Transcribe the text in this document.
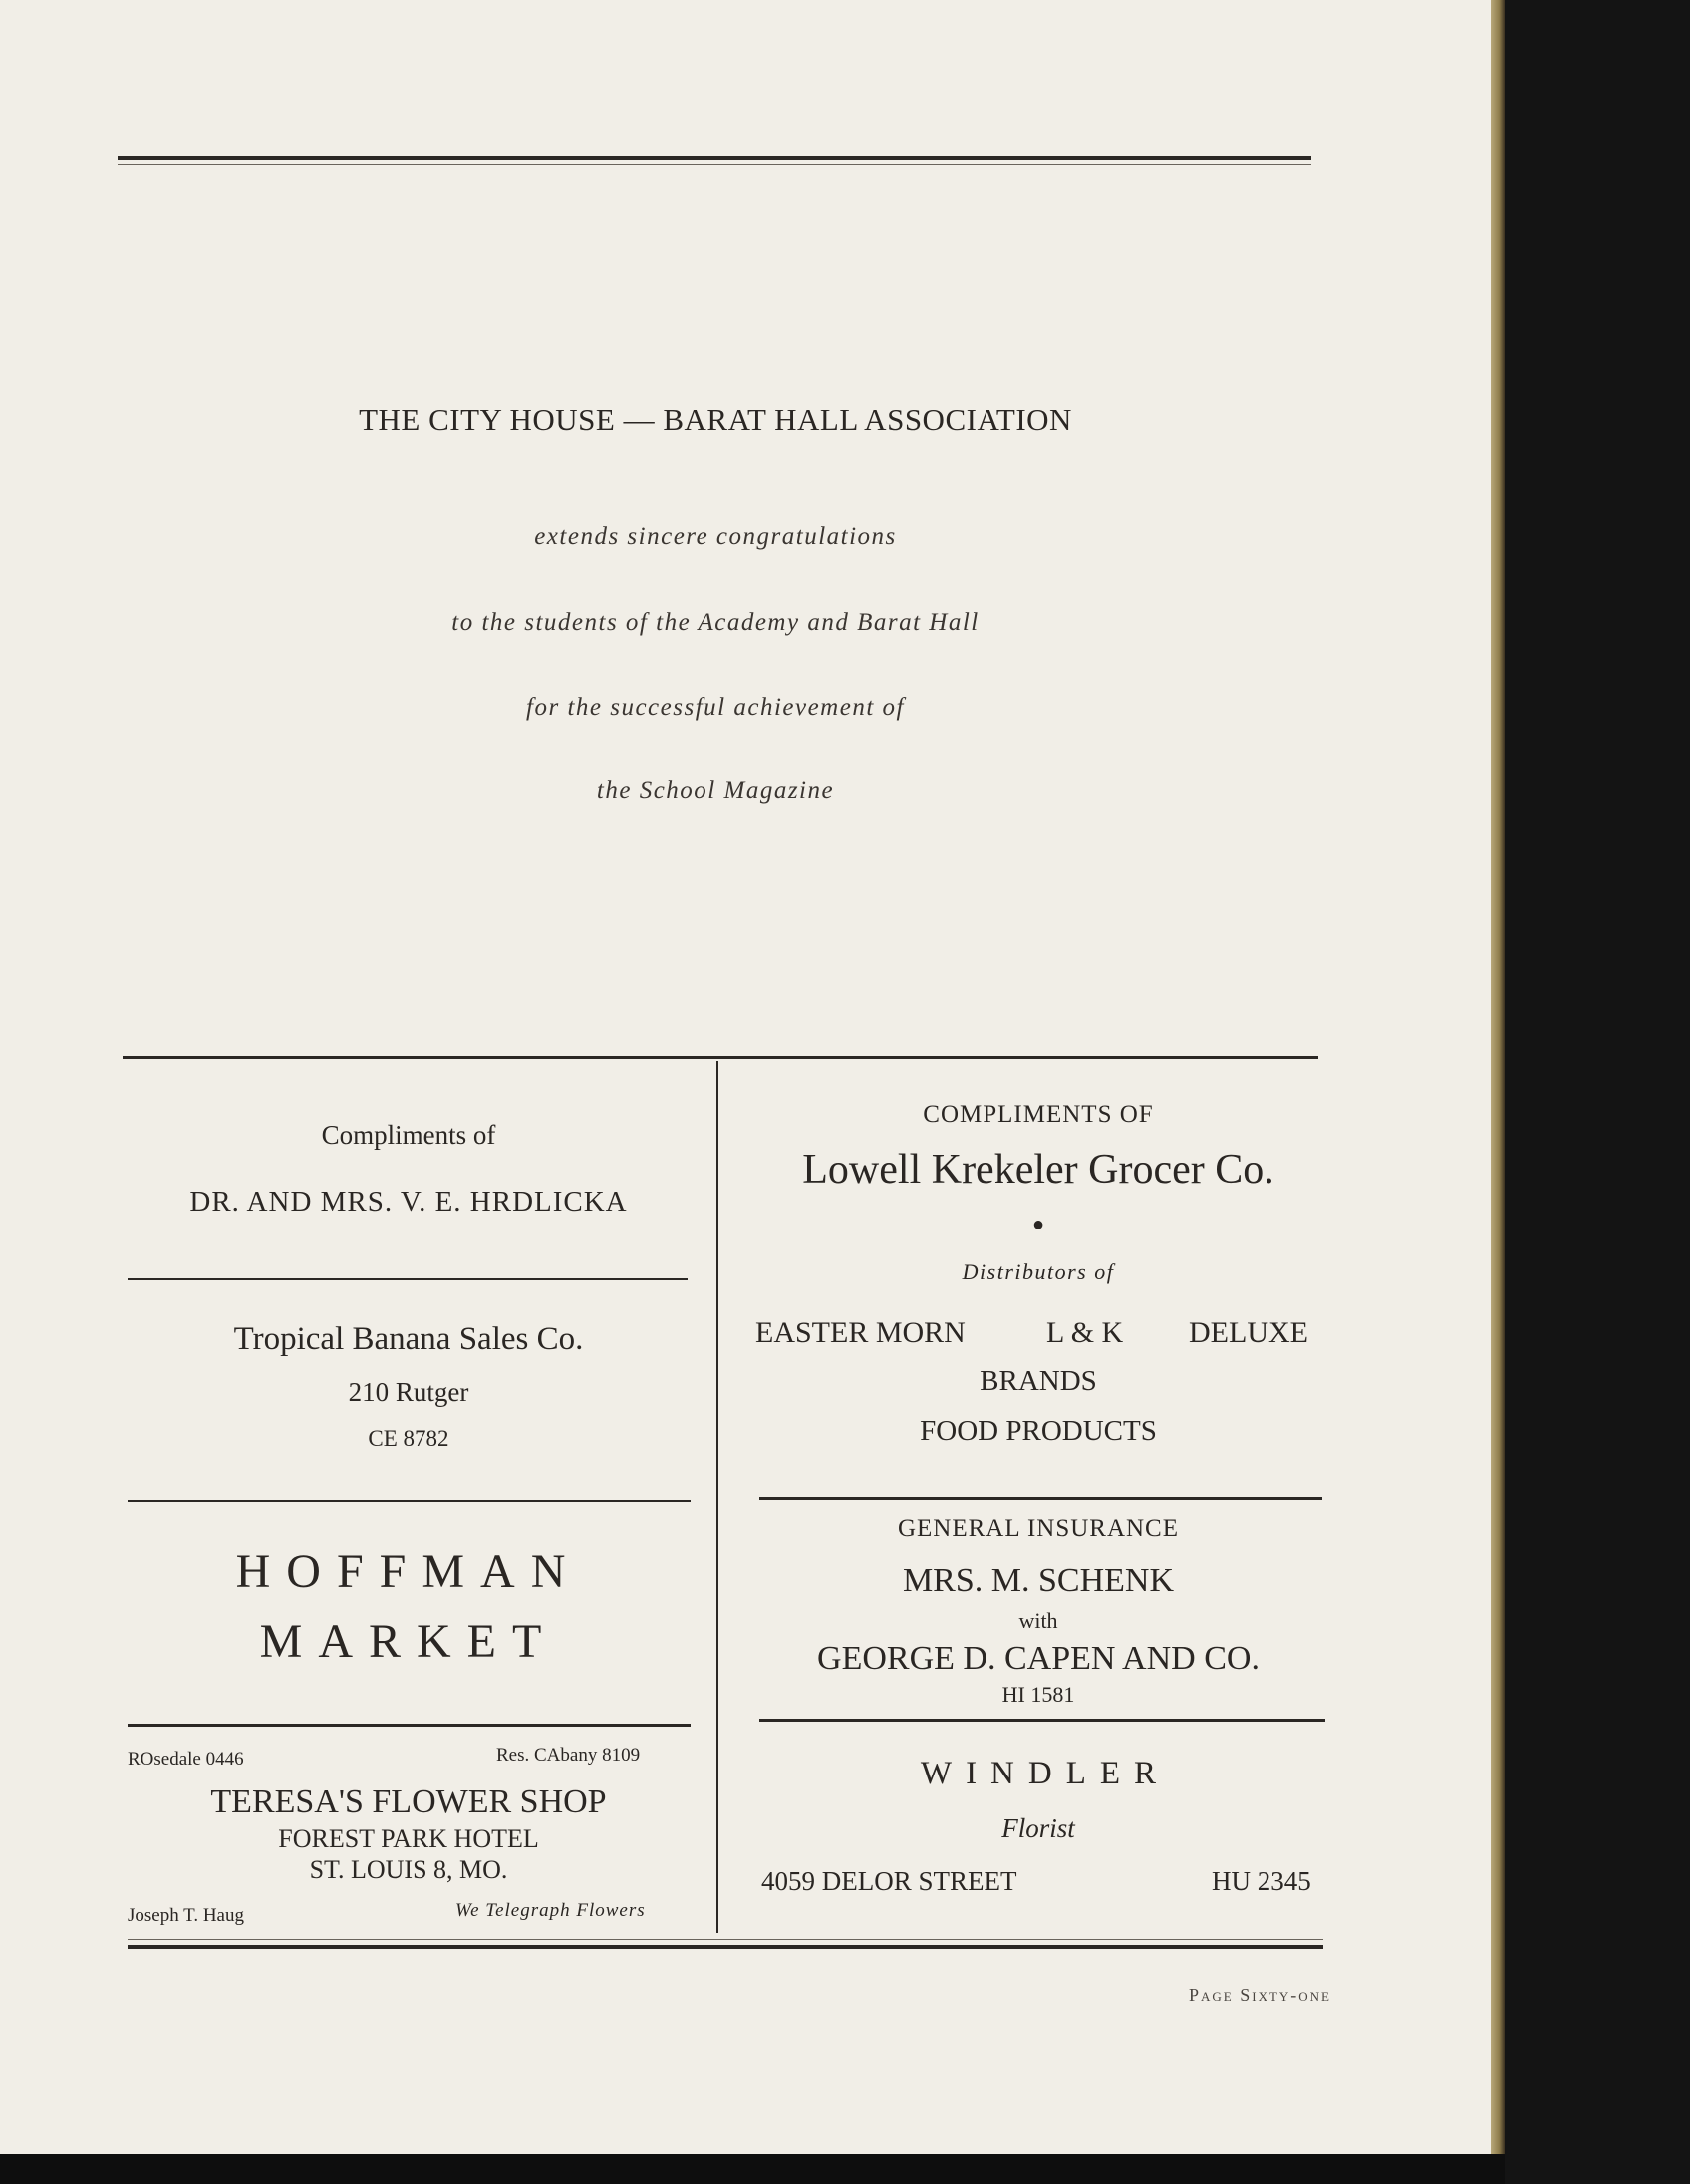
THE CITY HOUSE — BARAT HALL ASSOCIATION
extends sincere congratulations
to the students of the Academy and Barat Hall
for the successful achievement of
the School Magazine
Compliments of
DR. AND MRS. V. E. HRDLICKA
Tropical Banana Sales Co.
210 Rutger
CE 8782
HOFFMAN
MARKET
ROsedale 0446	Res. CAbany 8109
TERESA'S FLOWER SHOP
FOREST PARK HOTEL
ST. LOUIS 8, MO.
Joseph T. Haug	We Telegraph Flowers
COMPLIMENTS OF
Lowell Krekeler Grocer Co.
●
Distributors of
EASTER MORN	L & K DELUXE
BRANDS
FOOD PRODUCTS
GENERAL INSURANCE
MRS. M. SCHENK
with
GEORGE D. CAPEN AND CO.
HI 1581
WINDLER
Florist
4059 DELOR STREET	HU 2345
Page Sixty-one
